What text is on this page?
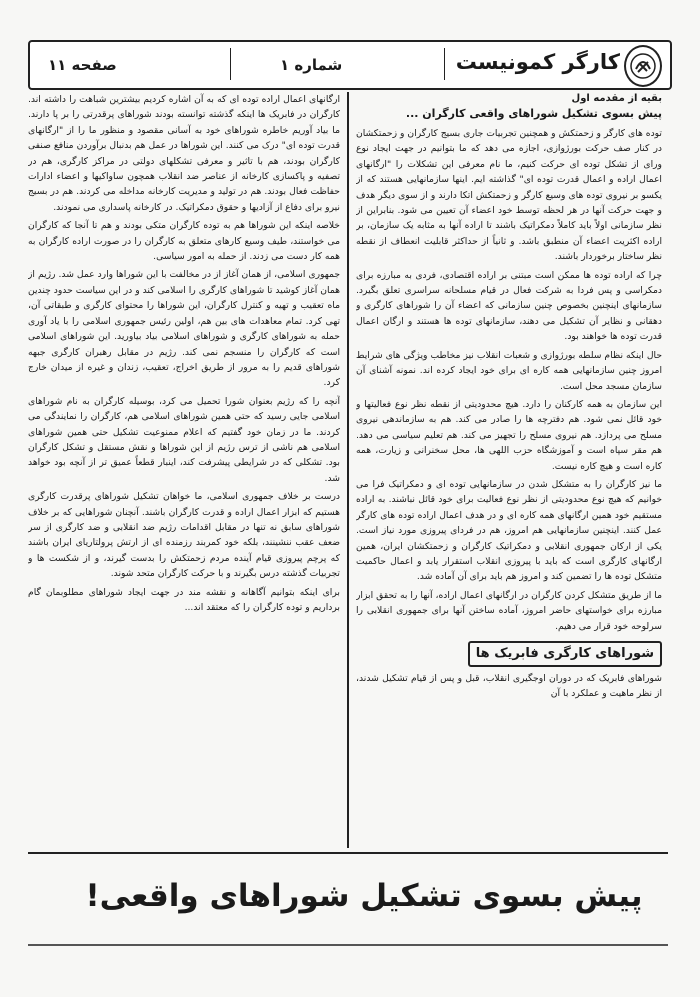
کارگر کمونیست
شماره ۱
صفحه ۱۱
بقیه از مقدمه اول
پیش بسوی تشکیل شوراهای واقعی کارگران ...

توده های کارگر و زحمتکش و همچنین تجربیات جاری بسیج کارگران و زحمتکشان در کنار صف حرکت بورژوازی، اجازه می دهد که ما بتوانیم در جهت ایجاد نوع ورای از تشکل توده ای حرکت کنیم، ما نام معرفی این تشکلات را "ارگانهای اعمال اراده و اعمال قدرت توده ای" گذاشته ایم. اینها سازمانهایی هستند که از یکسو بر نیروی توده های وسیع کارگر و زحمتکش اتکا دارند و از سوی دیگر هدف و جهت حرکت آنها در هر لحظه توسط خود اعضاء آن تعیین می شود. بنابراین از نظر سازمانی اولاً باید کاملاً دمکراتیک باشند تا اراده آنها به مثابه یک سازمان، بر اراده اکثریت اعضاء آن منطبق باشد. و ثانیاً از حداکثر قابلیت انعطاف از نقطه نظر ساختار برخوردار باشند.

چرا که اراده توده ها ممکن است مبتنی بر اراده اقتصادی، فردی به مبارزه برای دمکراسی و پس فردا به شرکت فعال در قیام مسلحانه سراسری تعلق بگیرد. سازمانهای اینچنین بخصوص چنین سازمانی که اعضاء آن را شوراهای کارگری و دهقانی و نظایر آن تشکیل می دهند، سازمانهای توده ها هستند و ارگان اعمال قدرت توده ها خواهند بود.

حال اینکه نظام سلطه بورژوازی و شعبات انقلاب نیز مخاطب ویژگی های شرایط امروز چنین سازمانهایی همه کاره ای برای خود ایجاد کرده اند. نمونه آشنای آن سازمان مسجد محل است.

این سازمان به همه کارکنان را دارد. هیچ محدودیتی از نقطه نظر نوع فعالیتها و خود قائل نمی شود. هم دفترچه ها را صادر می کند. هم به سازماندهی نیروی مسلح می پردازد. هم نیروی مسلح را تجهیز می کند. هم تعلیم سیاسی می دهد. هم مقر سپاه است و آموزشگاه حزب اللهی ها، محل سخنرانی و زیارت، همه کاره است و هیچ کاره نیست.

ما نیز کارگران را به متشکل شدن در سازمانهایی توده ای و دمکراتیک فرا می خوانیم که هیچ نوع محدودیتی از نظر نوع فعالیت برای خود قائل نباشند. به اراده مستقیم خود همین ارگانهای همه کاره ای و در هدف اعمال اراده توده های کارگر عمل کنند. اینچنین سازمانهایی هم امروز، هم در فردای پیروزی مورد نیاز است. یکی از ارکان جمهوری انقلابی و دمکراتیک کارگران و زحمتکشان ایران، همین ارگانهای کارگری است که باید با پیروزی انقلاب استقرار یابد و اعمال حاکمیت متشکل توده ها را تضمین کند و امروز هم باید برای آن آماده شد.

ما از طریق متشکل کردن کارگران در ارگانهای اعمال اراده، آنها را به تحقق ابزار مبارزه برای خواستهای حاضر امروز، آماده ساختن آنها برای جمهوری انقلابی را سرلوحه خود قرار می دهیم.

شوراهای کارگری فابریک ها

شوراهای فابریک که در دوران اوجگیری انقلاب، قبل و پس از قیام تشکیل شدند، از نظر ماهیت و عملکرد با آن

ارگانهای اعمال اراده توده ای که به آن اشاره کردیم بیشترین شباهت را داشته اند. کارگران در فابریک ها اینکه گذشته توانسته بودند شوراهای پرقدرتی را بر پا دارند. ما بیاد آوریم خاطره شوراهای خود به آسانی مقصود و منظور ما را از "ارگانهای قدرت توده ای" درک می کنند. این شوراها در عمل هم بدنبال برآوردن منافع صنفی کارگران بودند، هم با تاثیر و معرفی تشکلهای دولتی در مراکز کارگری، هم در تصفیه و پاکسازی کارخانه از عناصر ضد انقلاب همچون ساواکیها و اعضاء ادارات حفاظت فعال بودند. هم در تولید و مدیریت کارخانه مداخله می کردند. هم در بسیج نیرو برای دفاع از آزادیها و حقوق دمکراتیک. در کارخانه پاسداری می نمودند.

خلاصه اینکه این شوراها هم به توده کارگران متکی بودند و هم تا آنجا که کارگران می خواستند، طیف وسیع کارهای متعلق به کارگران را در صورت اراده کارگران به همه کار دست می زدند. از حمله به امور سیاسی.

جمهوری اسلامی، از همان آغاز از در مخالفت با این شوراها وارد عمل شد. رژیم از همان آغاز کوشید تا شوراهای کارگری را اسلامی کند و در این سیاست حدود چندین ماه تعقیب و تهیه و کنترل کارگران، این شوراها را محتوای کارگری و طبقاتی آن، تهی کرد. تمام معاهدات های بین هم، اولین رئیس جمهوری اسلامی را با یاد آوری حمله به شوراهای کارگری و شوراهای اسلامی بیاد بیاورید. این شوراهای اسلامی است که کارگران را منسجم نمی کند. رژیم در مقابل رهبران کارگری جبهه شوراهای قدیم را به مرور از طریق اخراج، تعقیب، زندان و غیره از میدان خارج کرد.

آنچه را که رژیم بعنوان شورا تحمیل می کرد، بوسیله کارگران به نام شوراهای اسلامی جایی رسید که حتی همین شوراهای اسلامی هم، کارگران را نمایندگی می کردند. ما در زمان خود گفتیم که اعلام ممنوعیت تشکیل حتی همین شوراهای اسلامی هم ناشی از ترس رژیم از این شوراها و نقش مستقل و تشکل کارگران بود. تشکلی که در شرایطی پیشرفت کند، اینبار قطعاً عمیق تر از آنچه بود خواهد شد.

درست بر خلاف جمهوری اسلامی، ما خواهان تشکیل شوراهای پرقدرت کارگری هستیم که ابزار اعمال اراده و قدرت کارگران باشند. آنچنان شوراهایی که بر خلاف شوراهای سابق نه تنها در مقابل اقدامات رژیم ضد انقلابی و ضد کارگری از سر ضعف عقب ننشینند، بلکه خود کمربند رزمنده ای از ارتش پرولتاریای ایران باشند که پرچم پیروزی قیام آینده مردم زحمتکش را بدست گیرند، و از شکست ها و تجربیات گذشته درس بگیرند و با حرکت کارگران متحد شوند.

برای اینکه بتوانیم آگاهانه و نقشه مند در جهت ایجاد شوراهای مطلوبمان گام برداریم و توده کارگران را که معتقد اند...

پیش بسوی تشکیل شوراهای واقعی!
